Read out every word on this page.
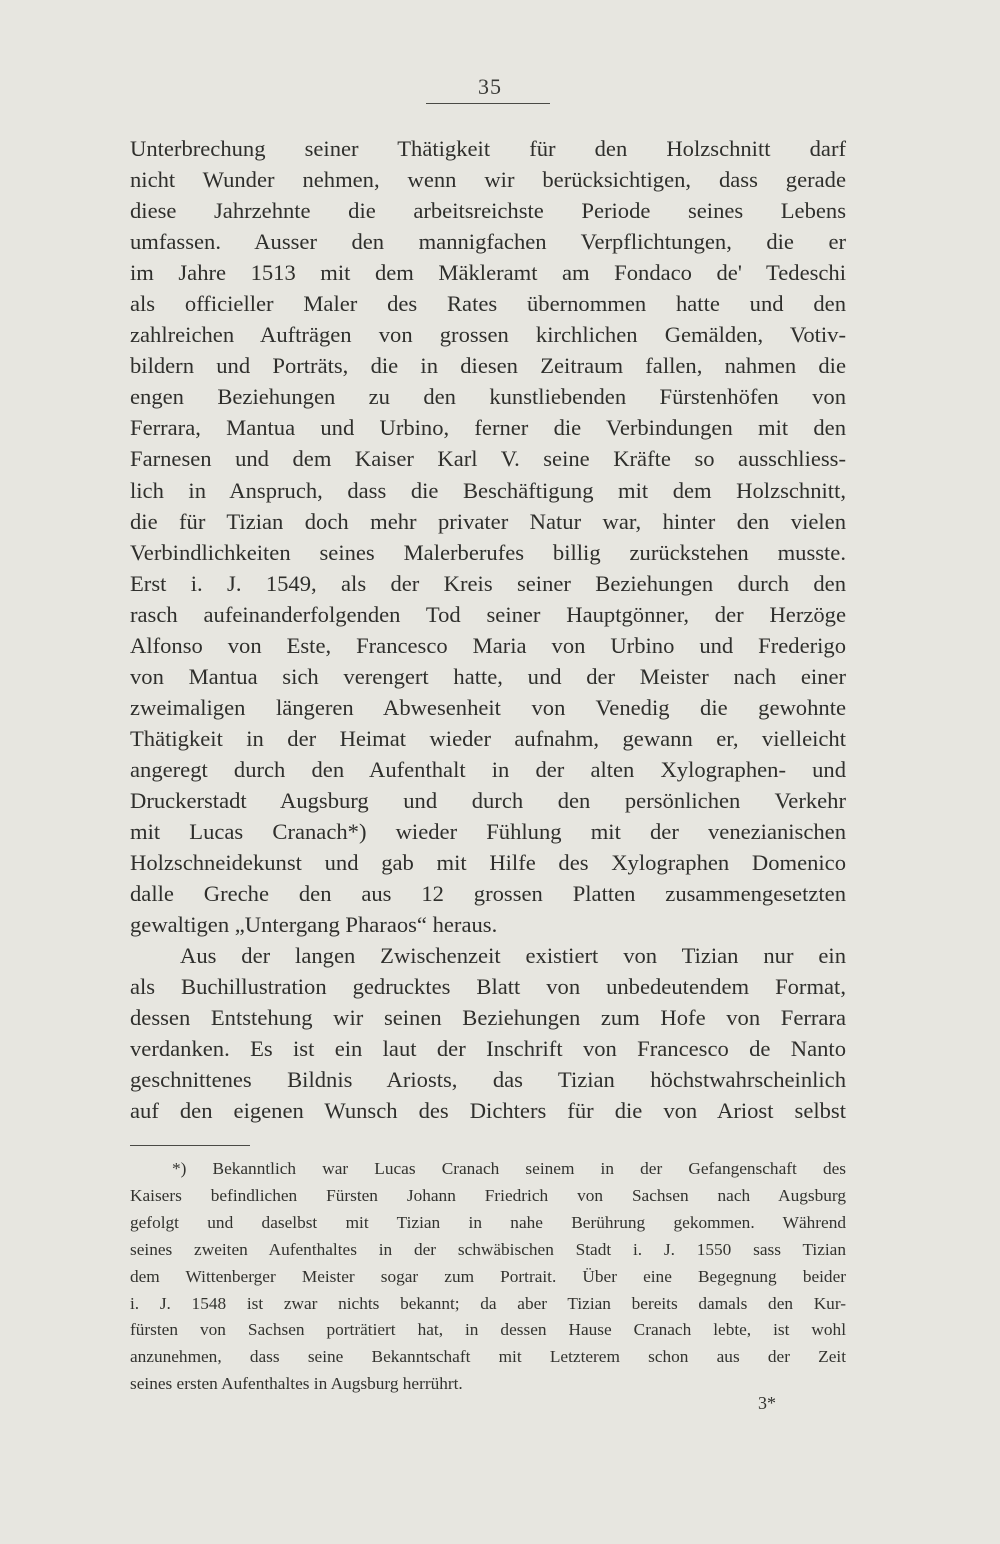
35
Unterbrechung seiner Thätigkeit für den Holzschnitt darf
nicht Wunder nehmen, wenn wir berücksichtigen, dass gerade
diese Jahrzehnte die arbeitsreichste Periode seines Lebens
umfassen. Ausser den mannigfachen Verpflichtungen, die er
im Jahre 1513 mit dem Mäkleramt am Fondaco de' Tedeschi
als officieller Maler des Rates übernommen hatte und den
zahlreichen Aufträgen von grossen kirchlichen Gemälden, Votiv-
bildern und Porträts, die in diesen Zeitraum fallen, nahmen die
engen Beziehungen zu den kunstliebenden Fürstenhöfen von
Ferrara, Mantua und Urbino, ferner die Verbindungen mit den
Farnesen und dem Kaiser Karl V. seine Kräfte so ausschliess-
lich in Anspruch, dass die Beschäftigung mit dem Holzschnitt,
die für Tizian doch mehr privater Natur war, hinter den vielen
Verbindlichkeiten seines Malerberufes billig zurückstehen musste.
Erst i. J. 1549, als der Kreis seiner Beziehungen durch den
rasch aufeinanderfolgenden Tod seiner Hauptgönner, der Herzöge
Alfonso von Este, Francesco Maria von Urbino und Frederigo
von Mantua sich verengert hatte, und der Meister nach einer
zweimaligen längeren Abwesenheit von Venedig die gewohnte
Thätigkeit in der Heimat wieder aufnahm, gewann er, vielleicht
angeregt durch den Aufenthalt in der alten Xylographen- und
Druckerstadt Augsburg und durch den persönlichen Verkehr
mit Lucas Cranach*) wieder Fühlung mit der venezianischen
Holzschneidekunst und gab mit Hilfe des Xylographen Domenico
dalle Greche den aus 12 grossen Platten zusammengesetzten
gewaltigen „Untergang Pharaos“ heraus.
Aus der langen Zwischenzeit existiert von Tizian nur ein
als Buchillustration gedrucktes Blatt von unbedeutendem Format,
dessen Entstehung wir seinen Beziehungen zum Hofe von Ferrara
verdanken. Es ist ein laut der Inschrift von Francesco de Nanto
geschnittenes Bildnis Ariosts, das Tizian höchstwahrscheinlich
auf den eigenen Wunsch des Dichters für die von Ariost selbst
*) Bekanntlich war Lucas Cranach seinem in der Gefangenschaft des
Kaisers befindlichen Fürsten Johann Friedrich von Sachsen nach Augsburg
gefolgt und daselbst mit Tizian in nahe Berührung gekommen. Während
seines zweiten Aufenthaltes in der schwäbischen Stadt i. J. 1550 sass Tizian
dem Wittenberger Meister sogar zum Portrait. Über eine Begegnung beider
i. J. 1548 ist zwar nichts bekannt; da aber Tizian bereits damals den Kur-
fürsten von Sachsen porträtiert hat, in dessen Hause Cranach lebte, ist wohl
anzunehmen, dass seine Bekanntschaft mit Letzterem schon aus der Zeit
seines ersten Aufenthaltes in Augsburg herrührt.
3*
